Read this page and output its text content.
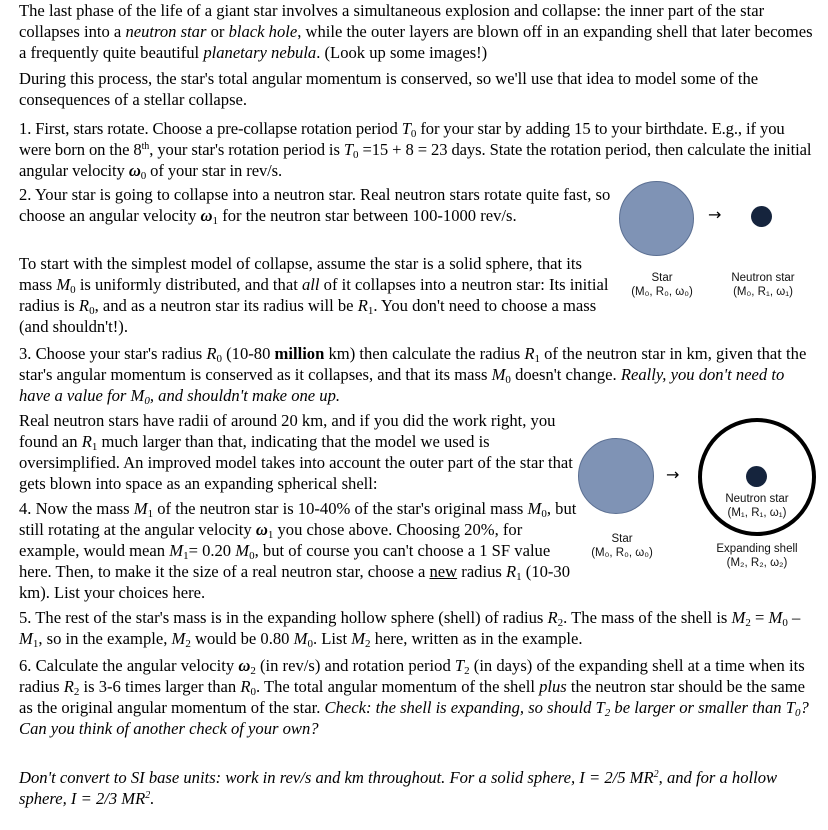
The last phase of the life of a giant star involves a simultaneous explosion and collapse: the inner part of the star collapses into a neutron star or black hole, while the outer layers are blown off in an expanding shell that later becomes a frequently quite beautiful planetary nebula. (Look up some images!)

During this process, the star's total angular momentum is conserved, so we'll use that idea to model some of the consequences of a stellar collapse.

1. First, stars rotate. Choose a pre-collapse rotation period $T_0$ for your star by adding 15 to your birthdate. E.g., if you were born on the 8th, your star's rotation period is $T_0 =15 + 8 = 23$ days. State the rotation period, then calculate the initial angular velocity $\omega_0$ of your star in rev/s.

2. Your star is going to collapse into a neutron star. Real neutron stars rotate quite fast, so choose an angular velocity $\omega_1$ for the neutron star between 100-1000 rev/s.

To start with the simplest model of collapse, assume the star is a solid sphere, that its mass $M_0$ is uniformly distributed, and that all of it collapses into a neutron star: Its initial radius is $R_0$, and as a neutron star its radius will be $R_1$. You don't need to choose a mass (and shouldn't!).

→
Star
(M₀, R₀, ω₀)
Neutron star
(M₀, R₁, ω₁)

3. Choose your star's radius $R_0$ (10-80 million km) then calculate the radius $R_1$ of the neutron star in km, given that the star's angular momentum is conserved as it collapses, and that its mass $M_0$ doesn't change. Really, you don't need to have a value for $M_0$, and shouldn't make one up.

Real neutron stars have radii of around 20 km, and if you did the work right, you found an $R_1$ much larger than that, indicating that the model we used is oversimplified. An improved model takes into account the outer part of the star that gets blown into space as an expanding spherical shell:

4. Now the mass $M_1$ of the neutron star is 10-40% of the star's original mass $M_0$, but still rotating at the angular velocity $\omega_1$ you chose above. Choosing 20%, for example, would mean $M_1= 0.20$ $M_0$, but of course you can't choose a 1 SF value here. Then, to make it the size of a real neutron star, choose a new radius $R_1$ (10-30 km). List your choices here.

→
Neutron star
(M₁, R₁, ω₁)
Star
(M₀, R₀, ω₀)	Expanding shell
(M₂, R₂, ω₂)

5. The rest of the star's mass is in the expanding hollow sphere (shell) of radius $R_2$. The mass of the shell is $M_2 = M_0 - M_1$, so in the example, $M_2$ would be 0.80 $M_0$. List $M_2$ here, written as in the example.

6. Calculate the angular velocity $\omega_2$ (in rev/s) and rotation period $T_2$ (in days) of the expanding shell at a time when its radius $R_2$ is 3-6 times larger than $R_0$. The total angular momentum of the shell plus the neutron star should be the same as the original angular momentum of the star. Check: the shell is expanding, so should $T_2$ be larger or smaller than $T_0$? Can you think of another check of your own?

Don't convert to SI base units: work in rev/s and km throughout. For a solid sphere, I = 2/5 $MR^2$, and for a hollow sphere, I = 2/3 $MR^2$.
